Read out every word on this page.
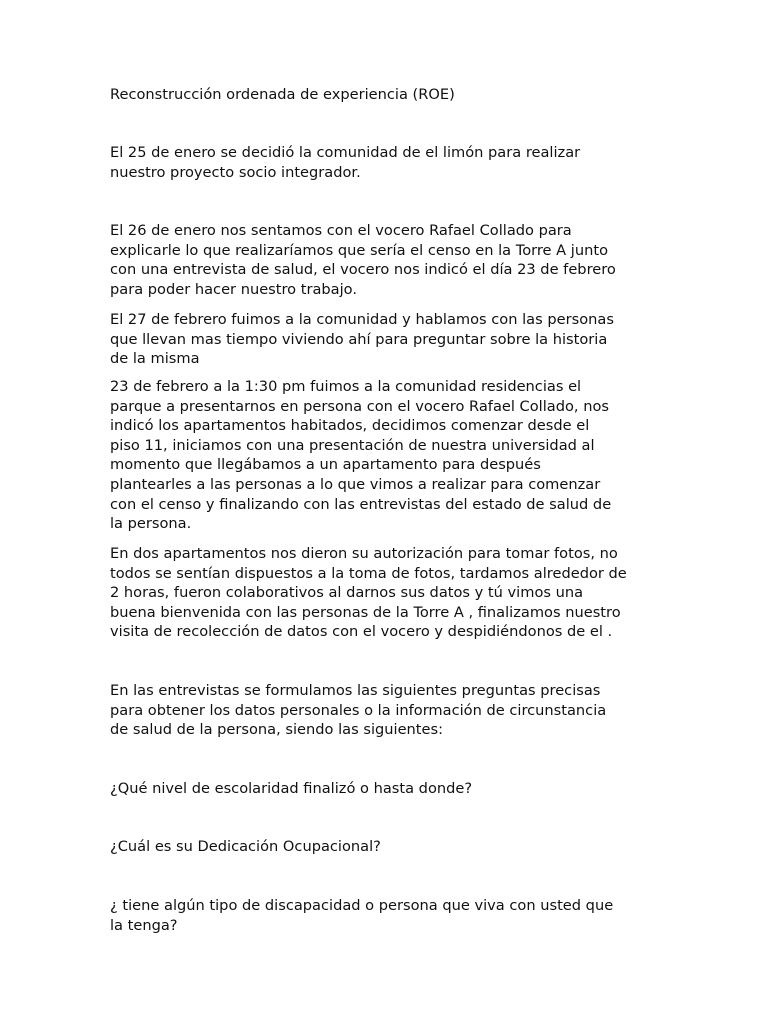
Reconstrucción ordenada de experiencia (ROE)

El 25 de enero se decidió la comunidad de el limón para realizar
nuestro proyecto socio integrador.

El 26 de enero nos sentamos con el vocero Rafael Collado para
explicarle lo que realizaríamos que sería el censo en la Torre A junto
con una entrevista de salud, el vocero nos indicó el día 23 de febrero
para poder hacer nuestro trabajo.

El 27 de febrero fuimos a la comunidad y hablamos con las personas
que llevan mas tiempo viviendo ahí para preguntar sobre la historia
de la misma

23 de febrero a la 1:30 pm fuimos a la comunidad residencias el
parque a presentarnos en persona con el vocero Rafael Collado, nos
indicó los apartamentos habitados, decidimos comenzar desde el
piso 11, iniciamos con una presentación de nuestra universidad al
momento que llegábamos a un apartamento para después
plantearles a las personas a lo que vimos a realizar para comenzar
con el censo y finalizando con las entrevistas del estado de salud de
la persona.

En dos apartamentos nos dieron su autorización para tomar fotos, no
todos se sentían dispuestos a la toma de fotos, tardamos alrededor de
2 horas, fueron colaborativos al darnos sus datos y tú vimos una
buena bienvenida con las personas de la Torre A , finalizamos nuestro
visita de recolección de datos con el vocero y despidiéndonos de el .

En las entrevistas se formulamos las siguientes preguntas precisas
para obtener los datos personales o la información de circunstancia
de salud de la persona, siendo las siguientes:

¿Qué nivel de escolaridad finalizó o hasta donde?

¿Cuál es su Dedicación Ocupacional?

¿ tiene algún tipo de discapacidad o persona que viva con usted que
la tenga?
